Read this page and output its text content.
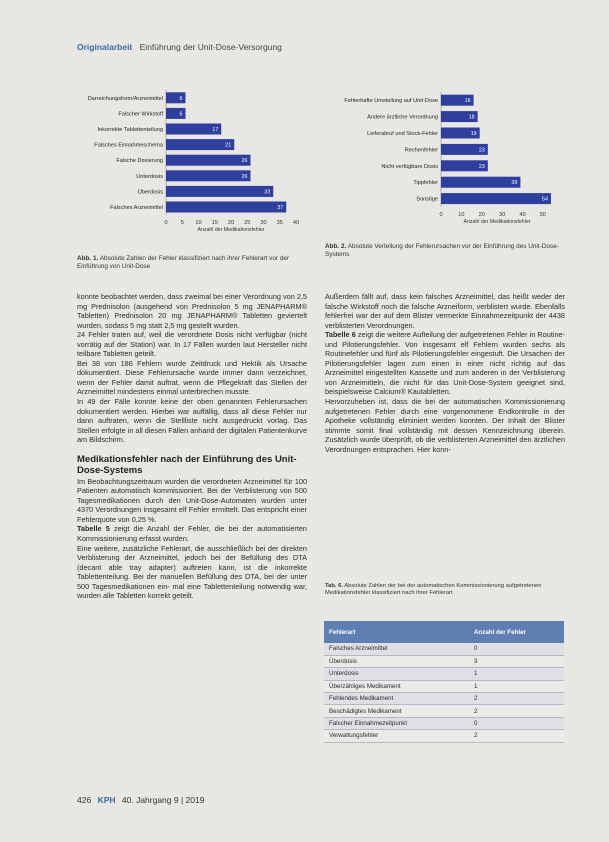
Originalarbeit Einführung der Unit-Dose-Versorgung
Darreichungsform/Arzneimittel	6
Falscher Wirkstoff	6
Inkorrekte Tablettenteilung	17
Falsches Einnahmeschema	21
Falsche Dosierung	26
Unterdosis	26
Überdosis	33
Falsches Arzneimittel	37
0 5 10 15 20 25 30 35 40
Anzahl der Medikationsfehler
Abb. 1. Absolute Zahlen der Fehler klassifiziert nach ihrer Fehlerart vor der Einführung von Unit-Dose
Fehlerhafte Umstellung auf Unit-Dose	16
Andere ärztliche Verordnung	18
Lieferabruf und Stock-Fehler	19
Rechenfehler	23
Nicht verfügbare Dosis	23
Tippfehler	39
Sonstige	54
0	10	20	30	40	50
Anzahl der Medikationsfehler
Abb. 2. Absolute Verteilung der Fehlerursachen vor der Einführung des Unit-Dose-Systems

konnte beobachtet werden, dass zweimal bei einer Verordnung von 2,5 mg Prednisolon (ausgehend von Prednisolon 5 mg JENAPHARM® Tabletten) Prednisolon 20 mg JENAPHARM® Tabletten geviertelt wurden, sodass 5 mg statt 2,5 mg gestellt wurden.

24 Fehler traten auf, weil die verordnete Dosis nicht verfügbar (nicht vorrätig auf der Station) war. In 17 Fällen wurden laut Hersteller nicht teilbare Tabletten geteilt.

Bei 38 von 186 Fehlern wurde Zeitdruck und Hektik als Ursache dokumentiert. Diese Fehlerursache wurde immer dann verzeichnet, wenn der Fehler damit auftrat, wenn die Pflegekraft das Stellen der Arzneimittel mindestens einmal unterbrechen musste.

In 49 der Fälle konnte keine der oben genannten Fehlerursachen dokumentiert werden. Hierbei war auffällig, dass all diese Fehler nur dann auftraten, wenn die Stellliste nicht ausgedruckt vorlag. Das Stellen erfolgte in all diesen Fällen anhand der digitalen Patientenkurve am Bildschirm.

Medikationsfehler nach der Einführung des Unit-Dose-Systems

Im Beobachtungszeitraum wurden die verordneten Arzneimittel für 100 Patienten automatisch kommissioniert. Bei der Verblisterung von 500 Tagesmedikationen durch den Unit-Dose-Automaten wurden unter 4370 Verordnungen insgesamt elf Fehler ermittelt. Das entspricht einer Fehlerquote von 0,25 %.

Tabelle 5 zeigt die Anzahl der Fehler, die bei der automatisierten Kommissionierung erfasst wurden.

Eine weitere, zusätzliche Fehlerart, die ausschließlich bei der direkten Verblisterung der Arzneimittel, jedoch bei der Befüllung des DTA (decant able tray adapter) auftreten kann, ist die inkorrekte Tablettenteilung. Bei der manuellen Befüllung des DTA, bei der unter 500 Tagesmedikationen ein- mal eine Tablettenteilung notwendig war, wurden alle Tabletten korrekt geteilt.

Außerdem fällt auf, dass kein falsches Arzneimittel, das heißt weder der falsche Wirkstoff noch die falsche Arzneiform, verblistert wurde. Ebenfalls fehlerfrei war der auf dem Blister vermerkte Einnahmezeitpunkt der 4438 verblisterten Verordnungen.

Tabelle 6 zeigt die weitere Aufteilung der aufgetretenen Fehler in Routine- und Pilotierungsfehler. Von insgesamt elf Fehlern wurden sechs als Routinefehler und fünf als Pilotierungsfehler eingestuft. Die Ursachen der Pilotierungsfehler lagen zum einen in einer nicht richtig auf das Arzneimittel eingestellten Kassette und zum anderen in der Verblisterung von Arzneimitteln, die nicht für das Unit-Dose-System geeignet sind, beispielsweise Calcium® Kautabletten.

Hervorzuheben ist, dass die bei der automatischen Kommissionierung aufgetretenen Fehler durch eine vorgenommene Endkontrolle in der Apotheke vollständig eliminiert werden konnten. Der Inhalt der Blister stimmte somit final vollständig mit dessen Kennzeichnung überein. Zusätzlich wurde überprüft, ob die verblisterten Arzneimittel den ärztlichen Verordnungen entsprachen. Hier konn-

Tab. 6. Absolute Zahlen der bei der automatischen Kommissionierung aufgetretenen Medikationsfehler klassifiziert nach ihrer Fehlerart
Fehlerart	Anzahl der Fehler
Falsches Arzneimittel	0
Überdosis	3
Unterdosis	1
Überzähliges Medikament	1
Fehlendes Medikament	2
Beschädigtes Medikament	2
Falscher Einnahmezeitpunkt	0
Verwaltungsfehler	2
426 KPH 40. Jahrgang 9 | 2019
